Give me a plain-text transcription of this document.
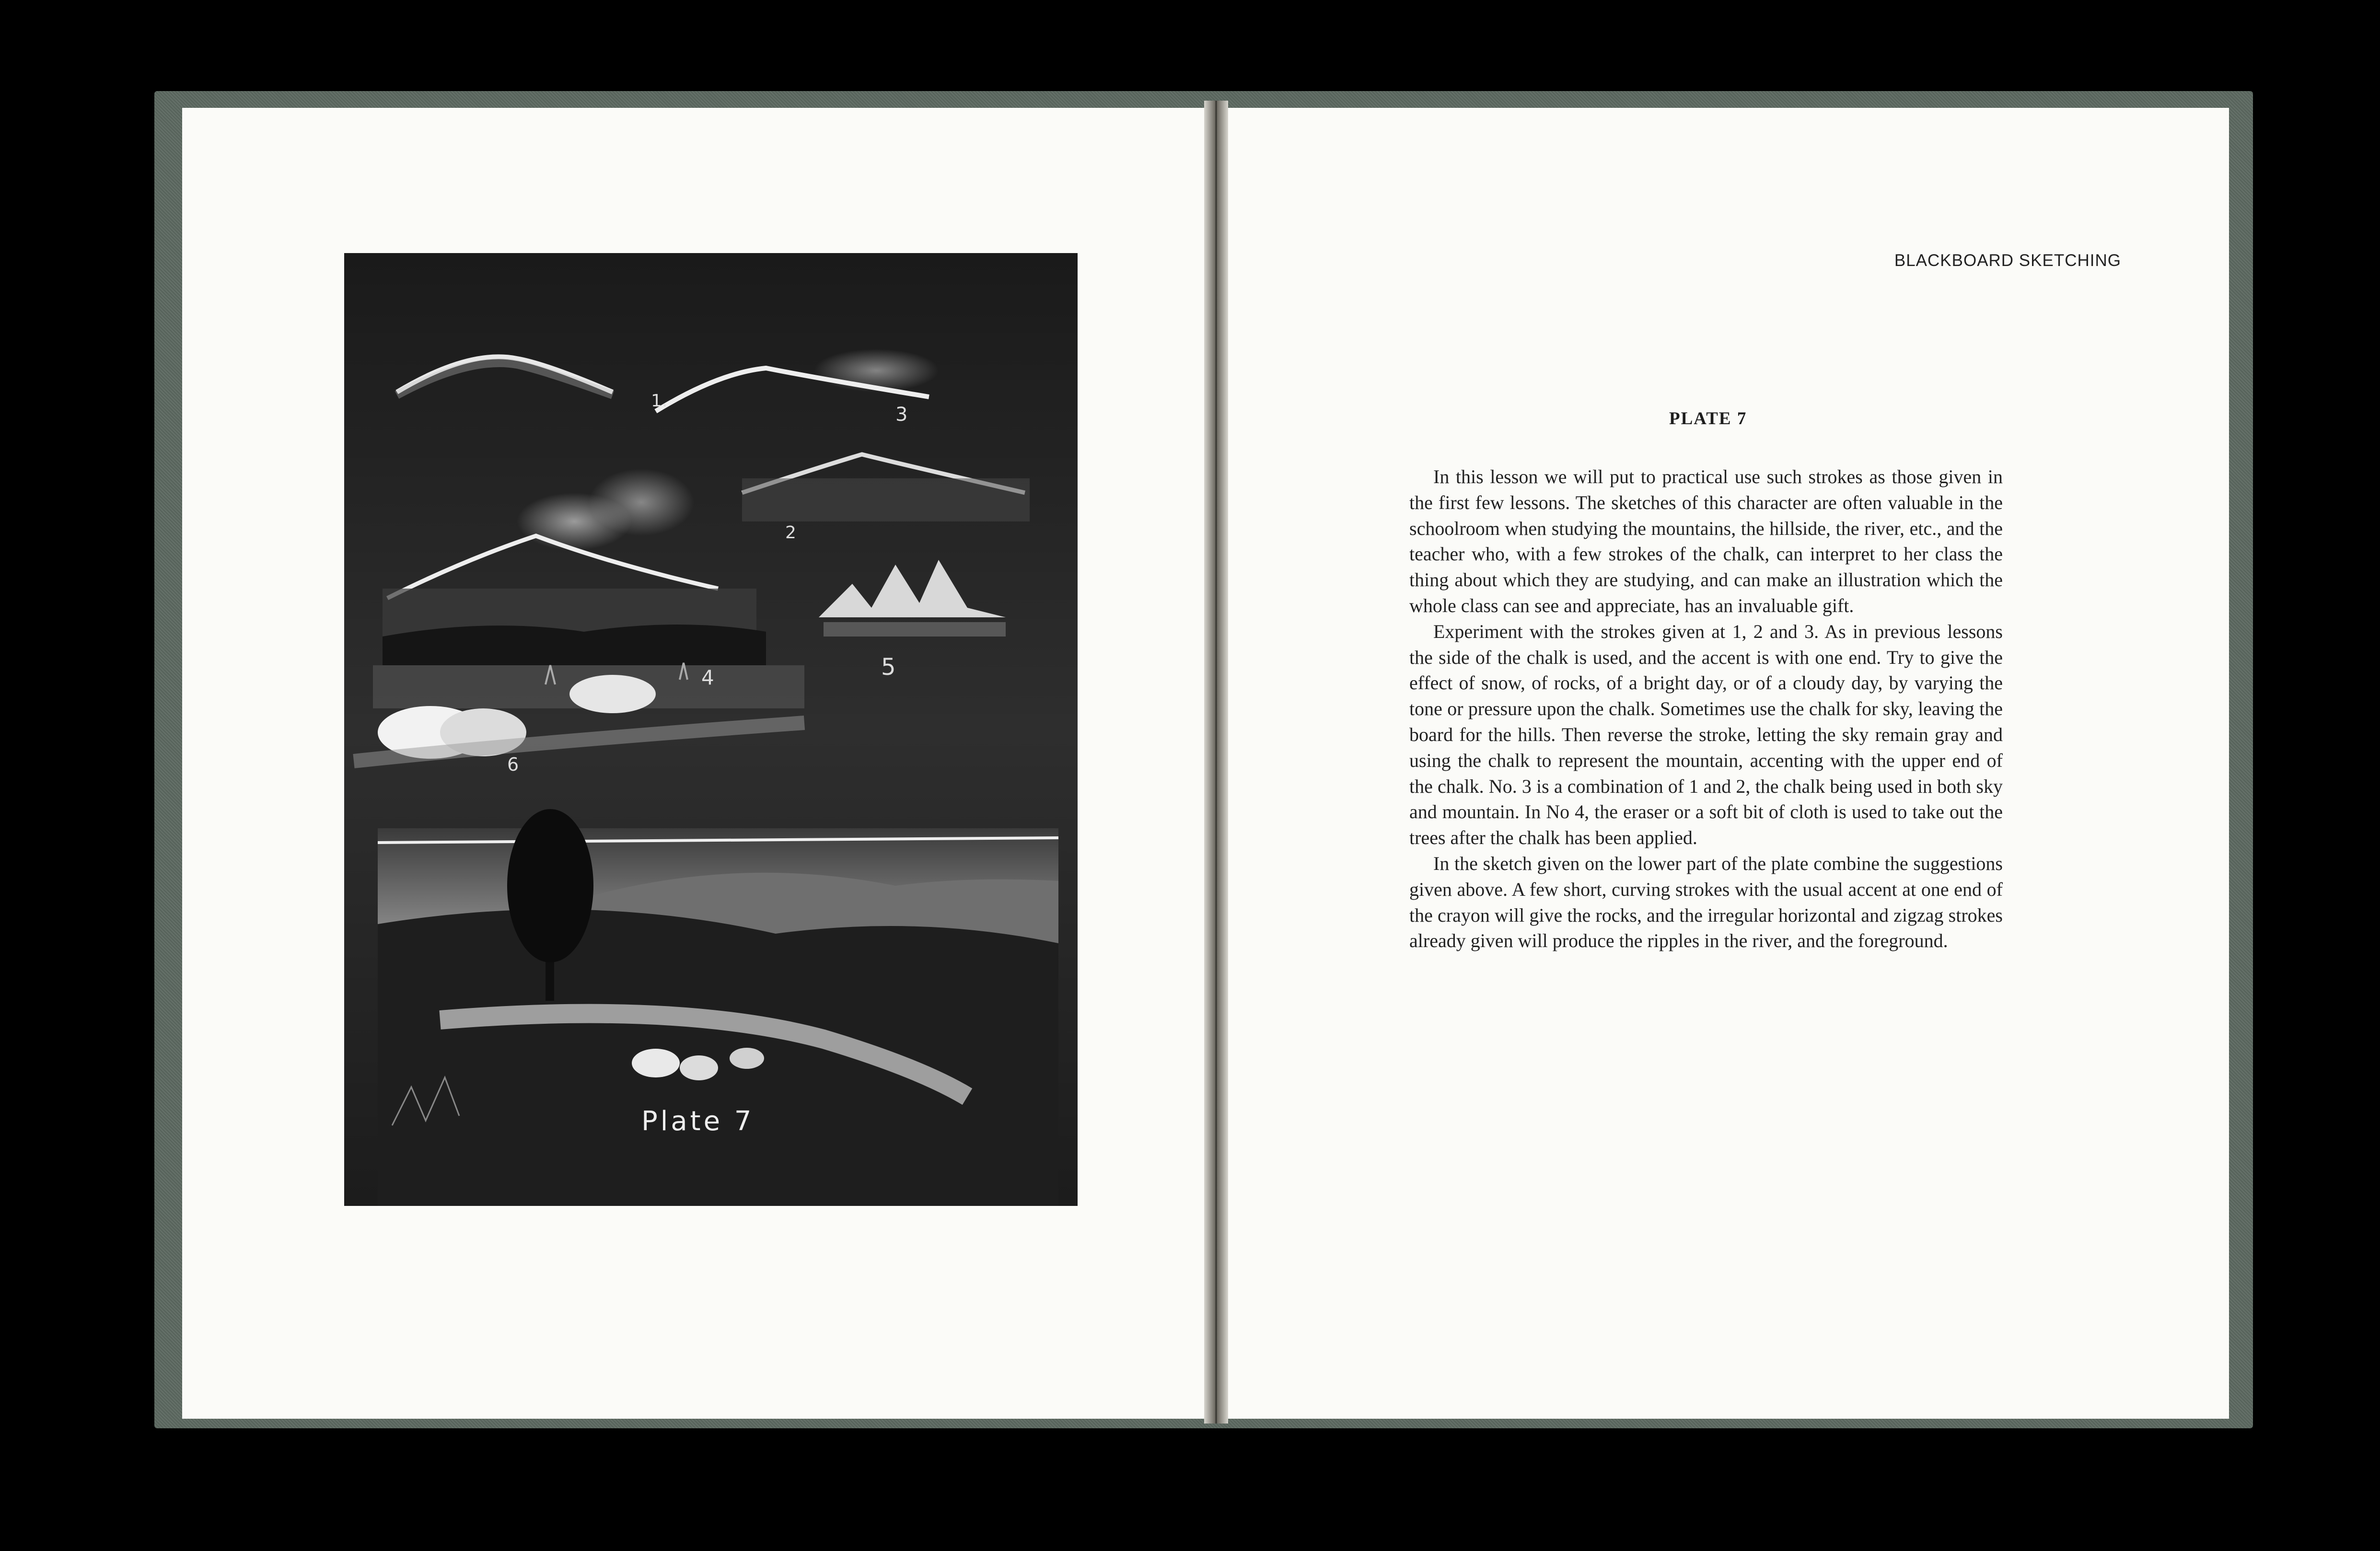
1.
3
2
5
4
6
Plate 7
BLACKBOARD SKETCHING
PLATE 7

In this lesson we will put to practical use such strokes as those given in the first few lessons. The sketches of this character are often valuable in the schoolroom when studying the mountains, the hillside, the river, etc., and the teacher who, with a few strokes of the chalk, can interpret to her class the thing about which they are studying, and can make an illustration which the whole class can see and appreciate, has an invaluable gift.

Experiment with the strokes given at 1, 2 and 3. As in previous lessons the side of the chalk is used, and the accent is with one end. Try to give the effect of snow, of rocks, of a bright day, or of a cloudy day, by varying the tone or pressure upon the chalk. Sometimes use the chalk for sky, leaving the board for the hills. Then reverse the stroke, letting the sky remain gray and using the chalk to represent the mountain, accenting with the upper end of the chalk. No. 3 is a combination of 1 and 2, the chalk being used in both sky and mountain. In No 4, the eraser or a soft bit of cloth is used to take out the trees after the chalk has been applied.

In the sketch given on the lower part of the plate combine the suggestions given above. A few short, curving strokes with the usual accent at one end of the crayon will give the rocks, and the irregular horizontal and zigzag strokes already given will produce the ripples in the river, and the foreground.
